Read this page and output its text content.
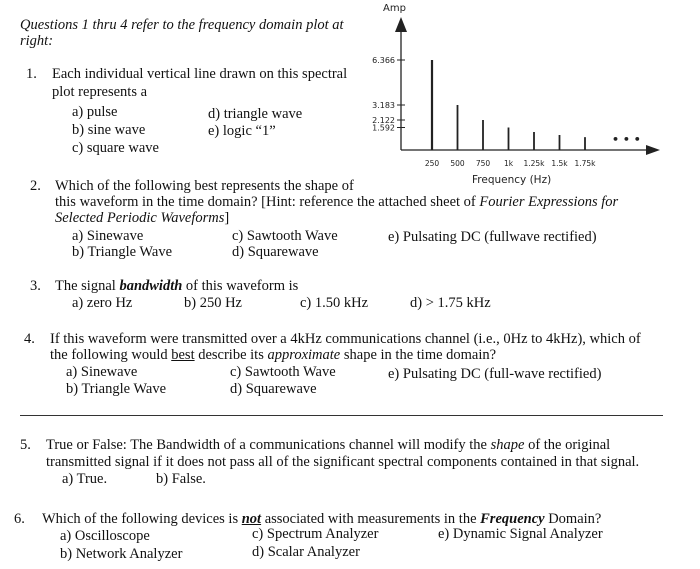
Questions 1 thru 4 refer to the frequency domain plot at
right:
Amp
6.366
3.183
2.122
1.592
250 500 750 1k 1.25k 1.5k 1.75k
• • •
Frequency (Hz)
1. Each individual vertical line drawn on this spectral
plot represents a
a) pulse
b) sine wave
c) square wave
d) triangle wave
e) logic “1”
2. Which of the following best represents the shape of
this waveform in the time domain? [Hint: reference the attached sheet of Fourier Expressions for
Selected Periodic Waveforms]
a) Sinewave
b) Triangle Wave
c) Sawtooth Wave
d) Squarewave
e) Pulsating DC (fullwave rectified)
3. The signal bandwidth of this waveform is
a) zero Hz	b) 250 Hz	c) 1.50 kHz	d) > 1.75 kHz
4. If this waveform were transmitted over a 4kHz communications channel (i.e., 0Hz to 4kHz), which of
the following would best describe its approximate shape in the time domain?
a) Sinewave
b) Triangle Wave
c) Sawtooth Wave
d) Squarewave
e) Pulsating DC (full-wave rectified)
5. True or False: The Bandwidth of a communications channel will modify the shape of the original
transmitted signal if it does not pass all of the significant spectral components contained in that signal.
a) True.	b) False.
6. Which of the following devices is not associated with measurements in the Frequency Domain?
a) Oscilloscope
b) Network Analyzer
c) Spectrum Analyzer
d) Scalar Analyzer
e) Dynamic Signal Analyzer
